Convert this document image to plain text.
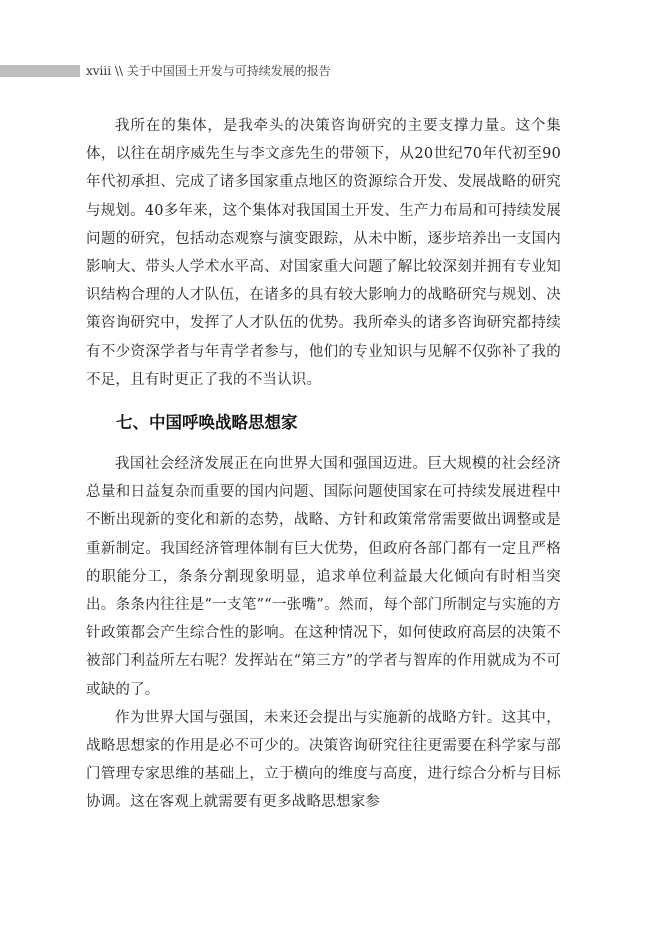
xviii \\ 关于中国国土开发与可持续发展的报告

我所在的集体，是我牵头的决策咨询研究的主要支撑力量。这个集体，以往在胡序威先生与李文彦先生的带领下，从20世纪70年代初至90年代初承担、完成了诸多国家重点地区的资源综合开发、发展战略的研究与规划。40多年来，这个集体对我国国土开发、生产力布局和可持续发展问题的研究，包括动态观察与演变跟踪，从未中断，逐步培养出一支国内影响大、带头人学术水平高、对国家重大问题了解比较深刻并拥有专业知识结构合理的人才队伍，在诸多的具有较大影响力的战略研究与规划、决策咨询研究中，发挥了人才队伍的优势。我所牵头的诸多咨询研究都持续有不少资深学者与年青学者参与，他们的专业知识与见解不仅弥补了我的不足，且有时更正了我的不当认识。

七、中国呼唤战略思想家

我国社会经济发展正在向世界大国和强国迈进。巨大规模的社会经济总量和日益复杂而重要的国内问题、国际问题使国家在可持续发展进程中不断出现新的变化和新的态势，战略、方针和政策常常需要做出调整或是重新制定。我国经济管理体制有巨大优势，但政府各部门都有一定且严格的职能分工，条条分割现象明显，追求单位利益最大化倾向有时相当突出。条条内往往是“一支笔”“一张嘴”。然而，每个部门所制定与实施的方针政策都会产生综合性的影响。在这种情况下，如何使政府高层的决策不被部门利益所左右呢？发挥站在“第三方”的学者与智库的作用就成为不可或缺的了。

作为世界大国与强国，未来还会提出与实施新的战略方针。这其中，战略思想家的作用是必不可少的。决策咨询研究往往更需要在科学家与部门管理专家思维的基础上，立于横向的维度与高度，进行综合分析与目标协调。这在客观上就需要有更多战略思想家参
